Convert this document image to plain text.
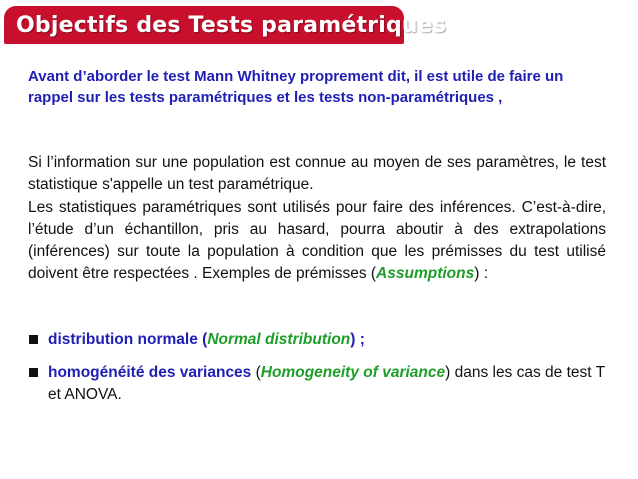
Objectifs des Tests paramétriques

Avant d’aborder le test Mann Whitney proprement dit, il est utile de faire un rappel sur les tests paramétriques et les tests non-paramétriques ,

Si l’information sur une population est connue au moyen de ses paramètres, le test statistique s'appelle un test paramétrique.
Les statistiques paramétriques sont utilisés pour faire des inférences. C’est-à-dire, l’étude d’un échantillon, pris au hasard, pourra aboutir à des extrapolations (inférences) sur toute la population à condition que les prémisses du test utilisé doivent être respectées . Exemples de prémisses (Assumptions) :

distribution normale (Normal distribution) ;
homogénéité des variances (Homogeneity of variance) dans les cas de test T et ANOVA.
